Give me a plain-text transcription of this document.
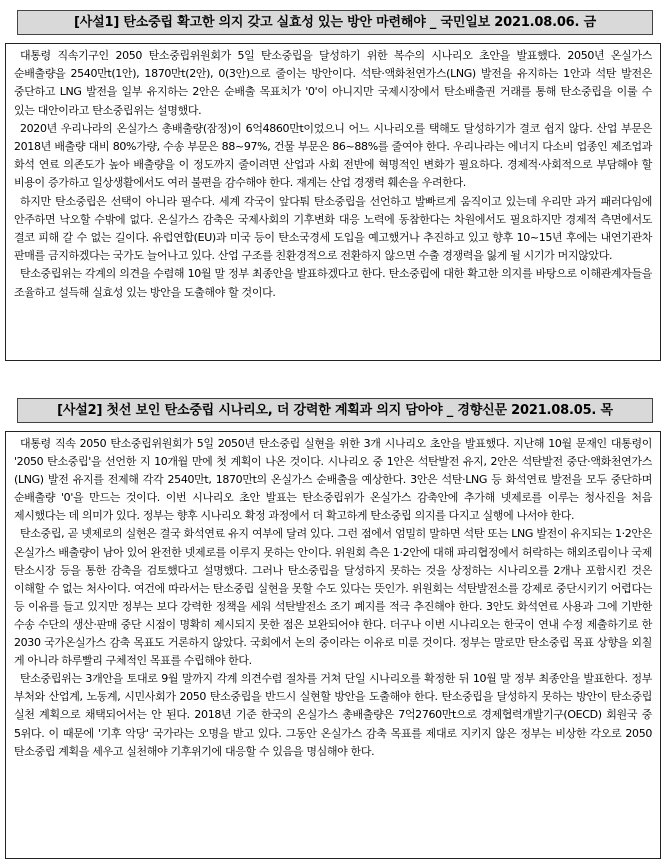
[사설1] 탄소중립 확고한 의지 갖고 실효성 있는 방안 마련해야 _ 국민일보 2021.08.06. 금

대통령 직속기구인 2050 탄소중립위원회가 5일 탄소중립을 달성하기 위한 복수의 시나리오 초안을 발표했다. 2050년 온실가스 순배출량을 2540만t(1안), 1870만t(2안), 0(3안)으로 줄이는 방안이다. 석탄·액화천연가스(LNG) 발전을 유지하는 1안과 석탄 발전은 중단하고 LNG 발전을 일부 유지하는 2안은 순배출 목표치가 '0'이 아니지만 국제시장에서 탄소배출권 거래를 통해 탄소중립을 이룰 수 있는 대안이라고 탄소중립위는 설명했다.

2020년 우리나라의 온실가스 총배출량(잠정)이 6억4860만t이었으니 어느 시나리오를 택해도 달성하기가 결코 쉽지 않다. 산업 부문은 2018년 배출량 대비 80%가량, 수송 부문은 88~97%, 건물 부문은 86~88%를 줄여야 한다. 우리나라는 에너지 다소비 업종인 제조업과 화석 연료 의존도가 높아 배출량을 이 정도까지 줄이려면 산업과 사회 전반에 혁명적인 변화가 필요하다. 경제적·사회적으로 부담해야 할 비용이 증가하고 일상생활에서도 여러 불편을 감수해야 한다. 재계는 산업 경쟁력 훼손을 우려한다.

하지만 탄소중립은 선택이 아니라 필수다. 세계 각국이 앞다퉈 탄소중립을 선언하고 발빠르게 움직이고 있는데 우리만 과거 패러다임에 안주하면 낙오할 수밖에 없다. 온실가스 감축은 국제사회의 기후변화 대응 노력에 동참한다는 차원에서도 필요하지만 경제적 측면에서도 결코 피해 갈 수 없는 길이다. 유럽연합(EU)과 미국 등이 탄소국경세 도입을 예고했거나 추진하고 있고 향후 10~15년 후에는 내연기관차 판매를 금지하겠다는 국가도 늘어나고 있다. 산업 구조를 친환경적으로 전환하지 않으면 수출 경쟁력을 잃게 될 시기가 머지않았다.

탄소중립위는 각계의 의견을 수렴해 10월 말 정부 최종안을 발표하겠다고 한다. 탄소중립에 대한 확고한 의지를 바탕으로 이해관계자들을 조율하고 설득해 실효성 있는 방안을 도출해야 할 것이다.

[사설2] 첫선 보인 탄소중립 시나리오, 더 강력한 계획과 의지 담아야 _ 경향신문 2021.08.05. 목

대통령 직속 2050 탄소중립위원회가 5일 2050년 탄소중립 실현을 위한 3개 시나리오 초안을 발표했다. 지난해 10월 문재인 대통령이 '2050 탄소중립'을 선언한 지 10개월 만에 첫 계획이 나온 것이다. 시나리오 중 1안은 석탄발전 유지, 2안은 석탄발전 중단·액화천연가스(LNG) 발전 유지를 전제해 각각 2540만t, 1870만t의 온실가스 순배출을 예상한다. 3안은 석탄·LNG 등 화석연료 발전을 모두 중단하며 순배출량 '0'을 만드는 것이다. 이번 시나리오 초안 발표는 탄소중립위가 온실가스 감축안에 추가해 넷제로를 이루는 청사진을 처음 제시했다는 데 의미가 있다. 정부는 향후 시나리오 확정 과정에서 더 확고하게 탄소중립 의지를 다지고 실행에 나서야 한다.

탄소중립, 곧 넷제로의 실현은 결국 화석연료 유지 여부에 달려 있다. 그런 점에서 엄밀히 말하면 석탄 또는 LNG 발전이 유지되는 1·2안은 온실가스 배출량이 남아 있어 완전한 넷제로를 이루지 못하는 안이다. 위원회 측은 1·2안에 대해 파리협정에서 허락하는 해외조림이나 국제 탄소시장 등을 통한 감축을 검토했다고 설명했다. 그러나 탄소중립을 달성하지 못하는 것을 상정하는 시나리오를 2개나 포함시킨 것은 이해할 수 없는 처사이다. 여건에 따라서는 탄소중립 실현을 못할 수도 있다는 뜻인가. 위원회는 석탄발전소를 강제로 중단시키기 어렵다는 등 이유를 들고 있지만 정부는 보다 강력한 정책을 세워 석탄발전소 조기 폐지를 적극 추진해야 한다. 3안도 화석연료 사용과 그에 기반한 수송 수단의 생산·판매 중단 시점이 명확히 제시되지 못한 점은 보완되어야 한다. 더구나 이번 시나리오는 한국이 연내 수정 제출하기로 한 2030 국가온실가스 감축 목표도 거론하지 않았다. 국회에서 논의 중이라는 이유로 미룬 것이다. 정부는 말로만 탄소중립 목표 상향을 외칠 게 아니라 하루빨리 구체적인 목표를 수립해야 한다.

탄소중립위는 3개안을 토대로 9월 말까지 각계 의견수렴 절차를 거쳐 단일 시나리오를 확정한 뒤 10월 말 정부 최종안을 발표한다. 정부 부처와 산업계, 노동계, 시민사회가 2050 탄소중립을 반드시 실현할 방안을 도출해야 한다. 탄소중립을 달성하지 못하는 방안이 탄소중립 실천 계획으로 채택되어서는 안 된다. 2018년 기준 한국의 온실가스 총배출량은 7억2760만t으로 경제협력개발기구(OECD) 회원국 중 5위다. 이 때문에 '기후 악당' 국가라는 오명을 받고 있다. 그동안 온실가스 감축 목표를 제대로 지키지 않은 정부는 비상한 각오로 2050 탄소중립 계획을 세우고 실천해야 기후위기에 대응할 수 있음을 명심해야 한다.
